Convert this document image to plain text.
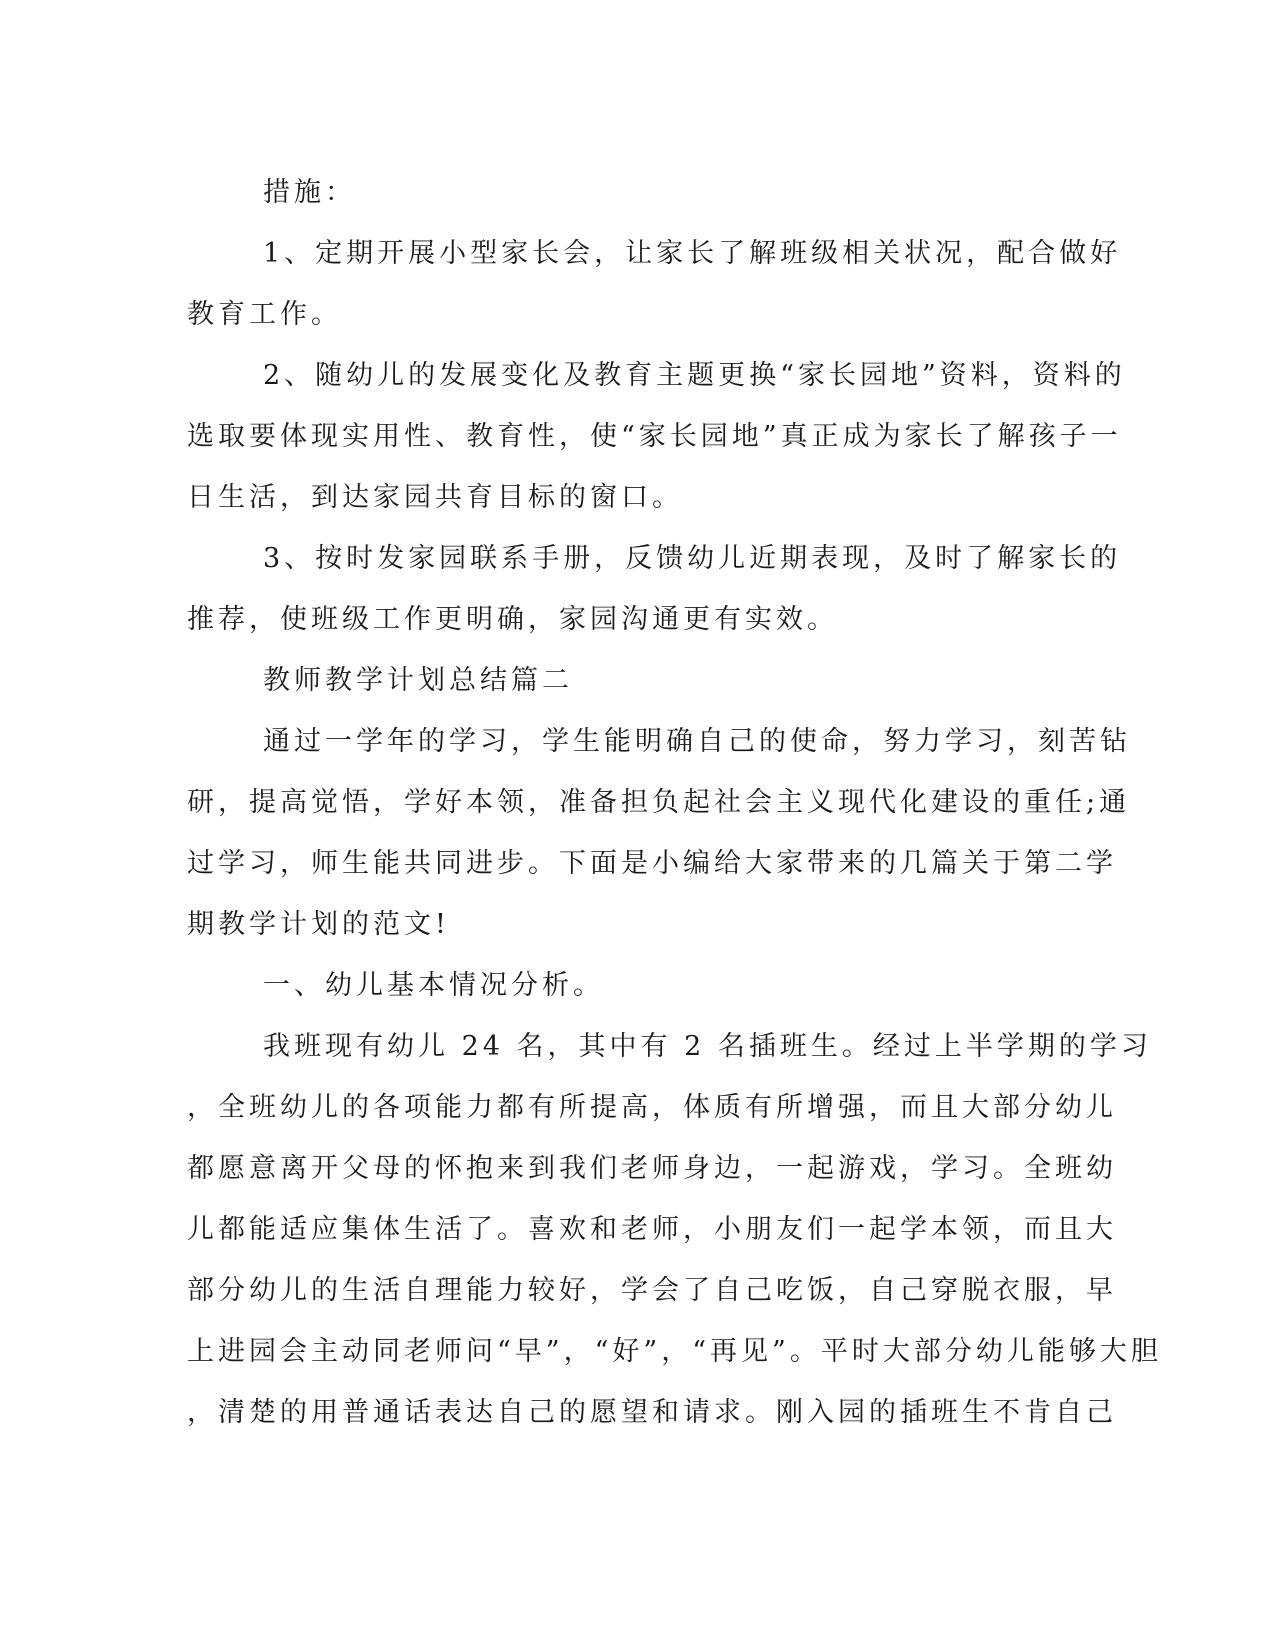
措施：
1、定期开展小型家长会，让家长了解班级相关状况，配合做好
教育工作。
2、随幼儿的发展变化及教育主题更换“家长园地”资料，资料的
选取要体现实用性、教育性，使“家长园地”真正成为家长了解孩子一
日生活，到达家园共育目标的窗口。
3、按时发家园联系手册，反馈幼儿近期表现，及时了解家长的
推荐，使班级工作更明确，家园沟通更有实效。
教师教学计划总结篇二
通过一学年的学习，学生能明确自己的使命，努力学习，刻苦钻
研，提高觉悟，学好本领，准备担负起社会主义现代化建设的重任;通
过学习，师生能共同进步。下面是小编给大家带来的几篇关于第二学
期教学计划的范文!
一、幼儿基本情况分析。
我班现有幼儿 24 名，其中有 2 名插班生。经过上半学期的学习
，全班幼儿的各项能力都有所提高，体质有所增强，而且大部分幼儿
都愿意离开父母的怀抱来到我们老师身边，一起游戏，学习。全班幼
儿都能适应集体生活了。喜欢和老师，小朋友们一起学本领，而且大
部分幼儿的生活自理能力较好，学会了自己吃饭，自己穿脱衣服，早
上进园会主动同老师问“早”，“好”，“再见”。平时大部分幼儿能够大胆
，清楚的用普通话表达自己的愿望和请求。刚入园的插班生不肯自己
